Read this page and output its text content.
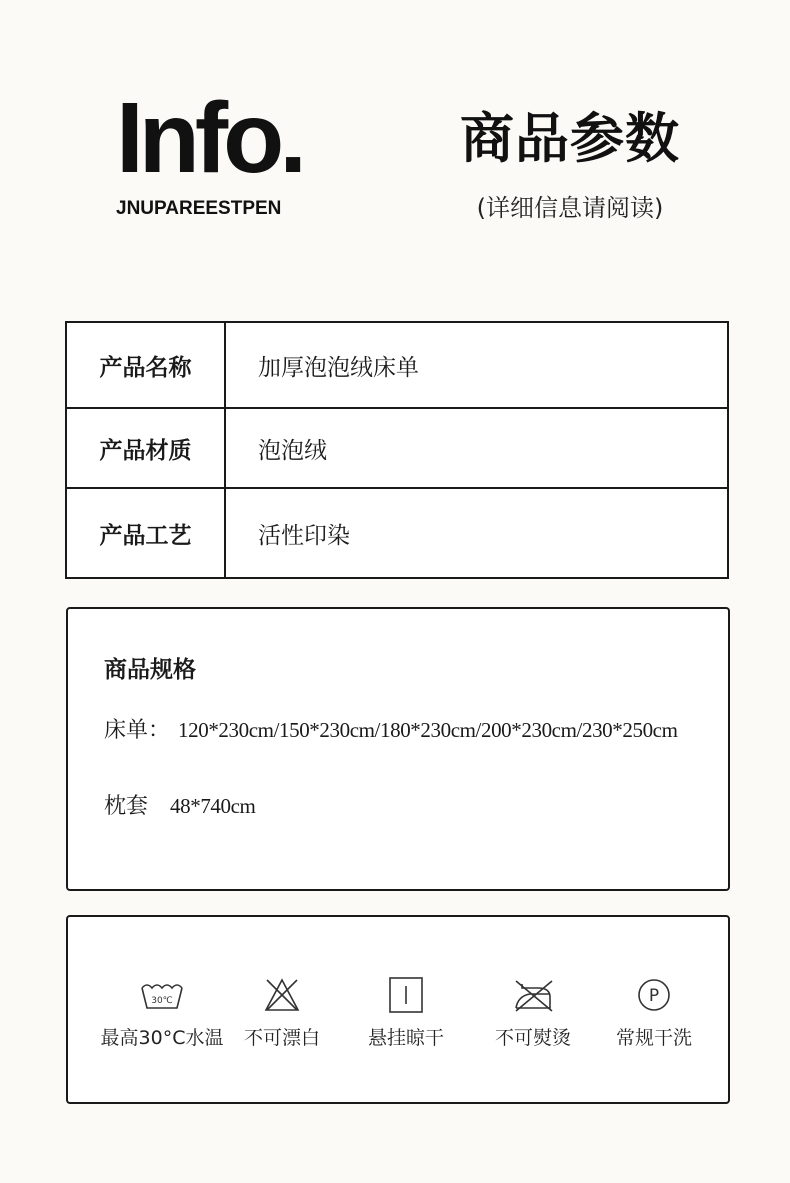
Info.
JNUPAREESTPEN
商品参数
(详细信息请阅读)
产品名称	加厚泡泡绒床单
产品材质	泡泡绒
产品工艺	活性印染
商品规格
床单： 120*230cm/150*230cm/180*230cm/200*230cm/230*250cm
枕套 48*740cm
30℃
最高30°C水温	不可漂白	悬挂晾干	不可熨烫
P
常规干洗
